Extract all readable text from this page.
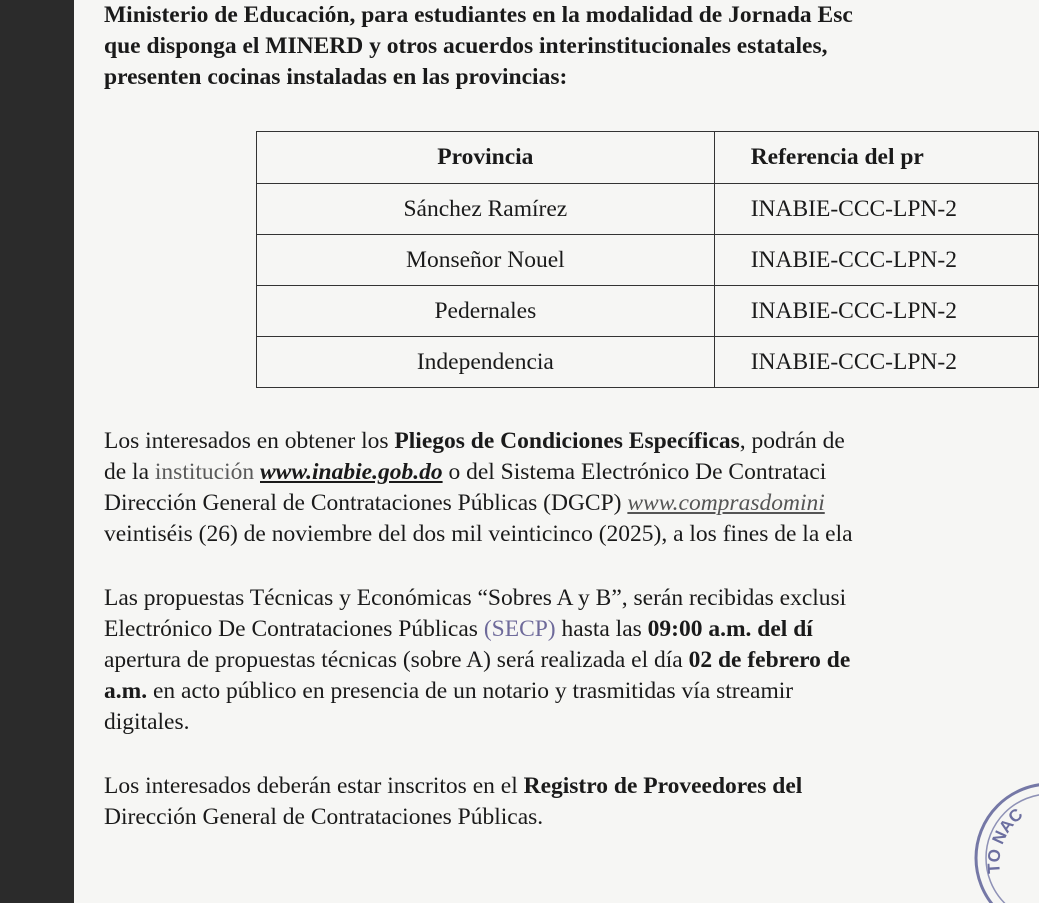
Ministerio de Educación, para estudiantes en la modalidad de Jornada Esc

que disponga el MINERD y otros acuerdos interinstitucionales estatales,

presenten cocinas instaladas en las provincias:

Provincia	Referencia del pr
Sánchez Ramírez	INABIE-CCC-LPN-2
Monseñor Nouel	INABIE-CCC-LPN-2
Pedernales	INABIE-CCC-LPN-2
Independencia	INABIE-CCC-LPN-2

Los interesados en obtener los Pliegos de Condiciones Específicas, podrán de

de la institución www.inabie.gob.do o del Sistema Electrónico De Contrataci

Dirección General de Contrataciones Públicas (DGCP) www.comprasdomini

veintiséis (26) de noviembre del dos mil veinticinco (2025), a los fines de la ela

Las propuestas Técnicas y Económicas “Sobres A y B”, serán recibidas exclusi

Electrónico De Contrataciones Públicas (SECP) hasta las 09:00 a.m. del dí

apertura de propuestas técnicas (sobre A) será realizada el día 02 de febrero de

a.m. en acto público en presencia de un notario y trasmitidas vía streamir

digitales.

Los interesados deberán estar inscritos en el Registro de Proveedores del

Dirección General de Contrataciones Públicas.

TO NAC
